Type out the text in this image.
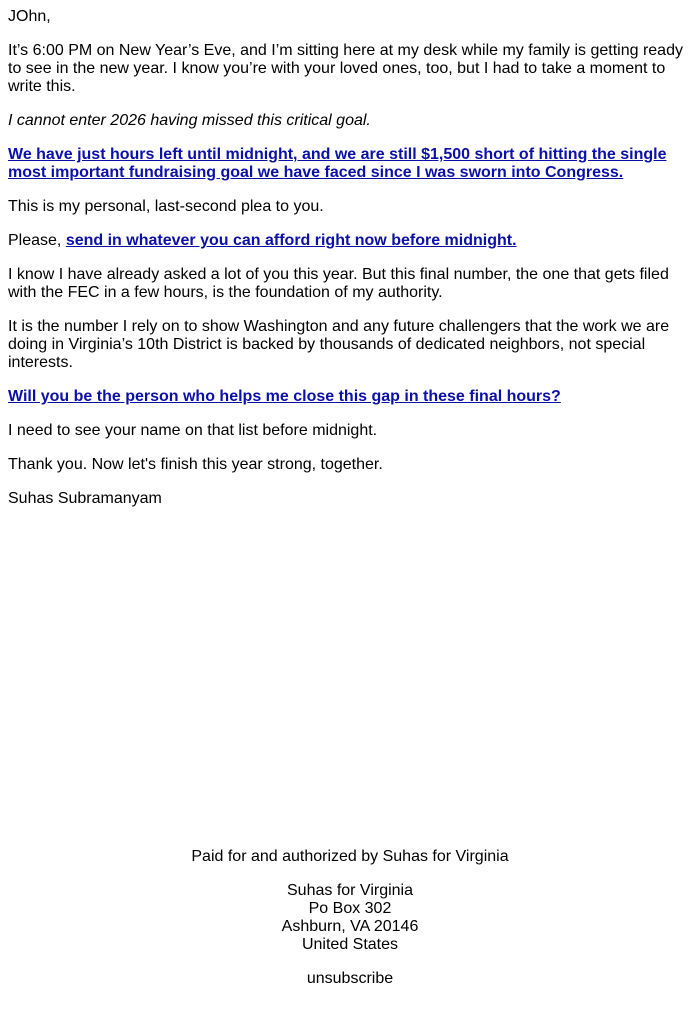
JOhn,

It’s 6:00 PM on New Year’s Eve, and I’m sitting here at my desk while my family is getting ready to see in the new year. I know you’re with your loved ones, too, but I had to take a moment to write this.

I cannot enter 2026 having missed this critical goal.

We have just hours left until midnight, and we are still $1,500 short of hitting the single most important fundraising goal we have faced since I was sworn into Congress.

This is my personal, last-second plea to you.

Please, send in whatever you can afford right now before midnight.

I know I have already asked a lot of you this year. But this final number, the one that gets filed with the FEC in a few hours, is the foundation of my authority.

It is the number I rely on to show Washington and any future challengers that the work we are doing in Virginia’s 10th District is backed by thousands of dedicated neighbors, not special interests.

Will you be the person who helps me close this gap in these final hours?

I need to see your name on that list before midnight.

Thank you. Now let's finish this year strong, together.

Suhas Subramanyam

Paid for and authorized by Suhas for Virginia

Suhas for Virginia
Po Box 302
Ashburn, VA 20146
United States

unsubscribe
